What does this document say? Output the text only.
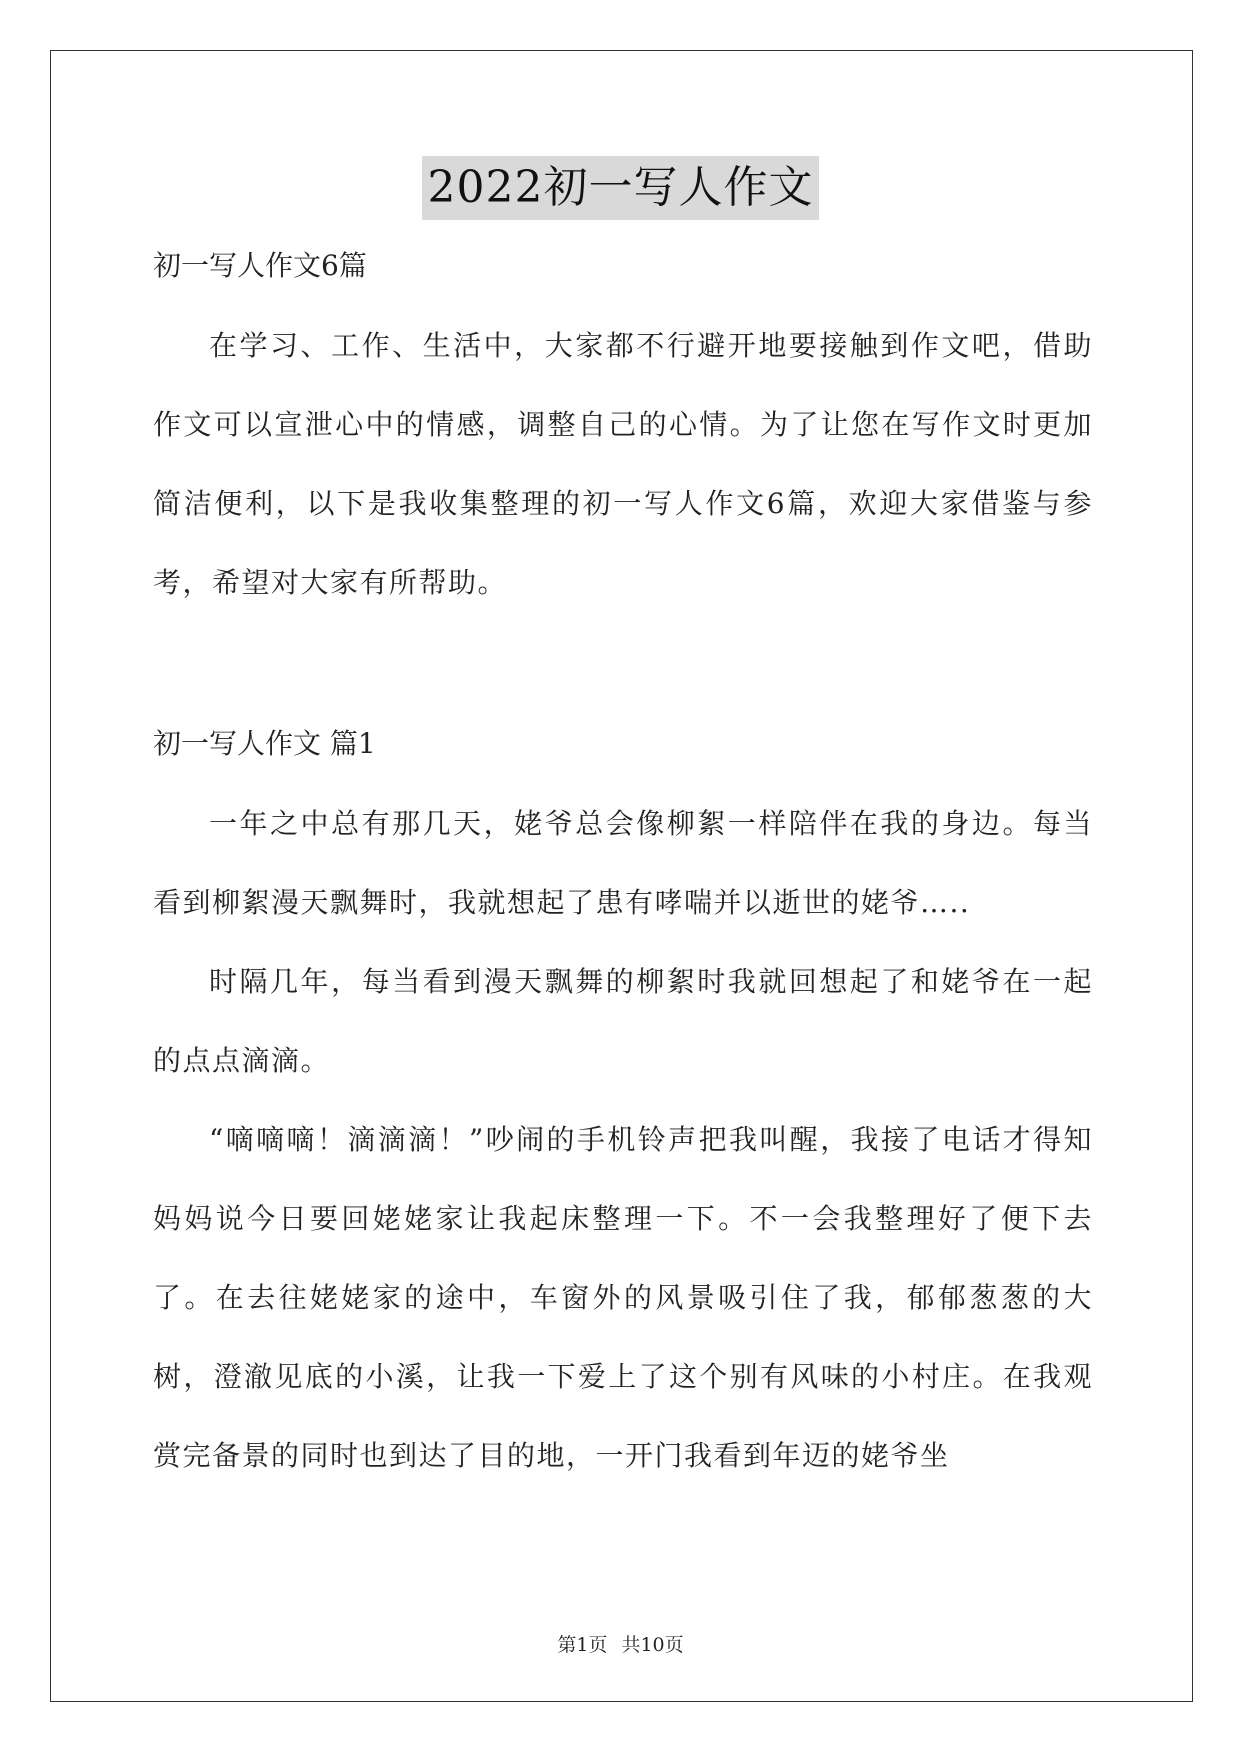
2022初一写人作文

初一写人作文6篇

在学习、工作、生活中，大家都不行避开地要接触到作文吧，借助作文可以宣泄心中的情感，调整自己的心情。为了让您在写作文时更加简洁便利，以下是我收集整理的初一写人作文6篇，欢迎大家借鉴与参考，希望对大家有所帮助。

初一写人作文 篇1

一年之中总有那几天，姥爷总会像柳絮一样陪伴在我的身边。每当看到柳絮漫天飘舞时，我就想起了患有哮喘并以逝世的姥爷…..

时隔几年，每当看到漫天飘舞的柳絮时我就回想起了和姥爷在一起的点点滴滴。

“嘀嘀嘀！滴滴滴！”吵闹的手机铃声把我叫醒，我接了电话才得知妈妈说今日要回姥姥家让我起床整理一下。不一会我整理好了便下去了。在去往姥姥家的途中，车窗外的风景吸引住了我，郁郁葱葱的大树，澄澈见底的小溪，让我一下爱上了这个别有风味的小村庄。在我观赏完备景的同时也到达了目的地，一开门我看到年迈的姥爷坐

第1页 共10页
